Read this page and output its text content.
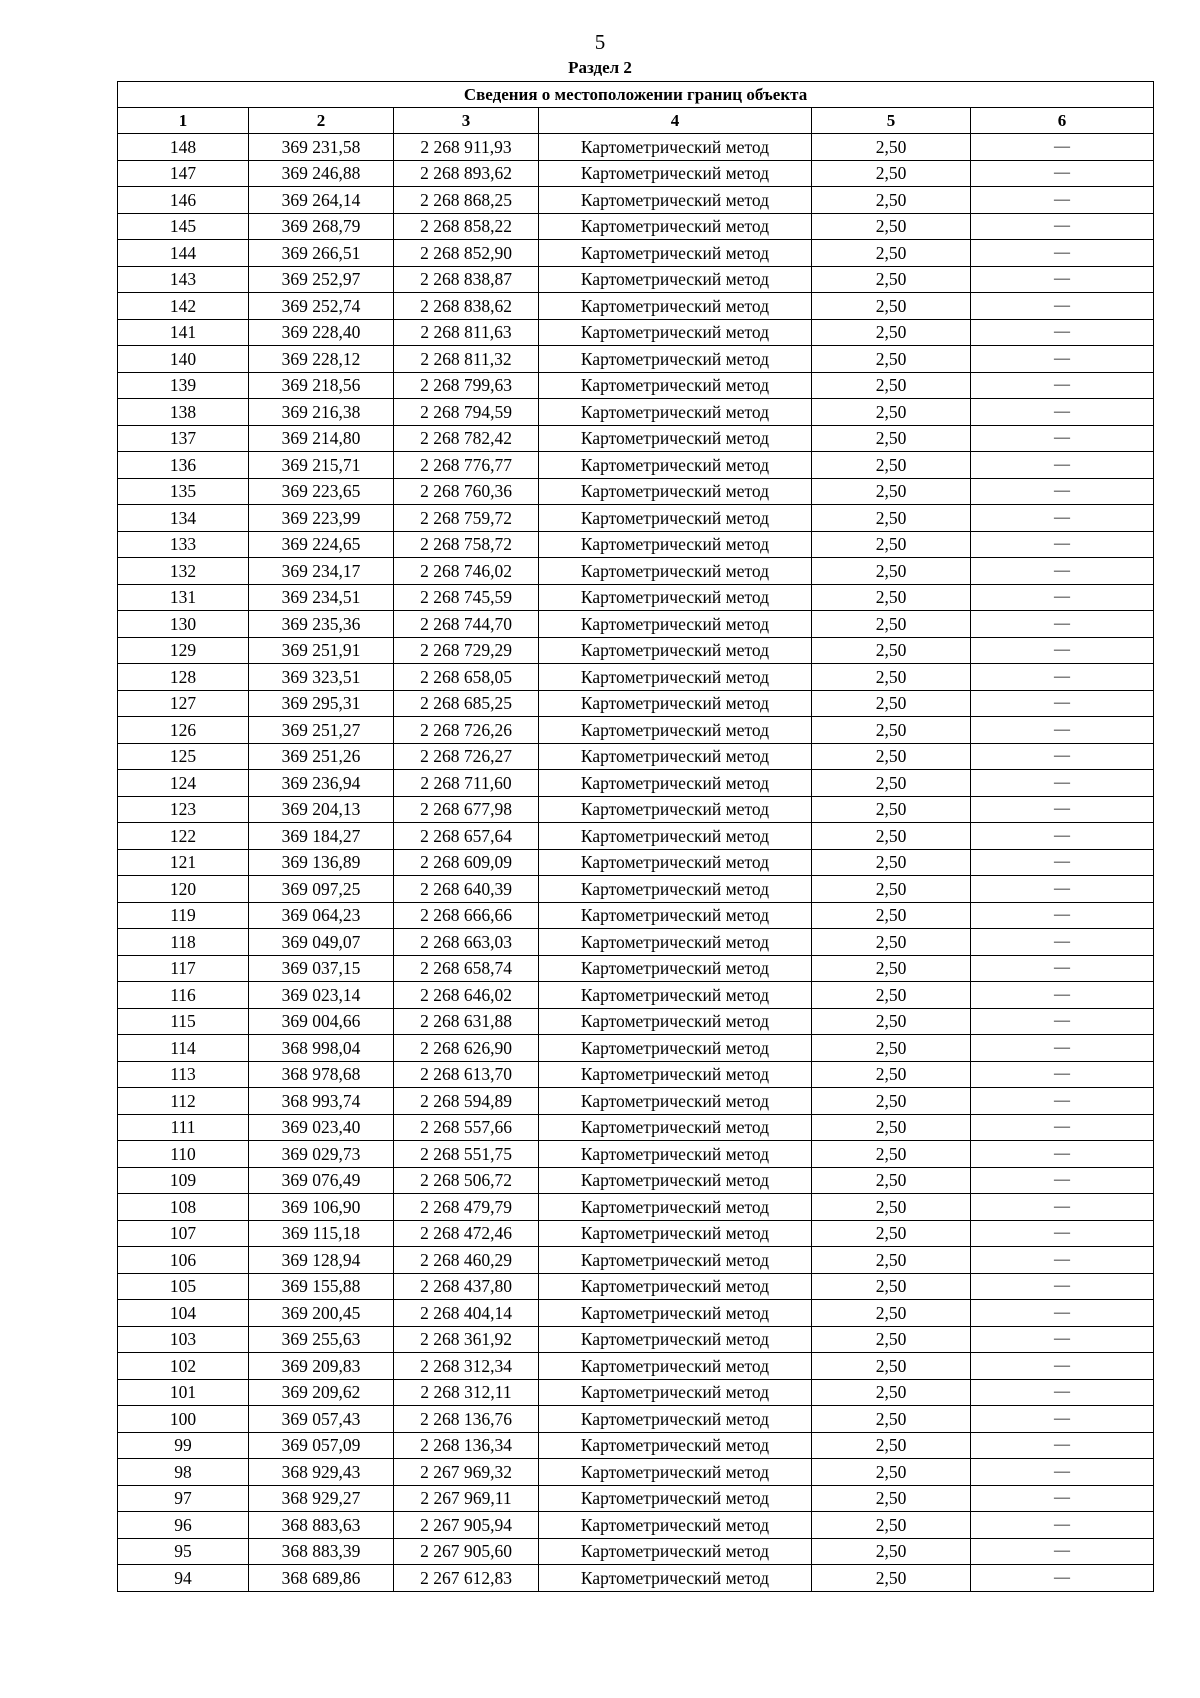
5
Раздел 2
Сведения о местоположении границ объекта					
1	2	3	4	5	6
148	369 231,58	2 268 911,93	Картометрический метод	2,50	—
147	369 246,88	2 268 893,62	Картометрический метод	2,50	—
146	369 264,14	2 268 868,25	Картометрический метод	2,50	—
145	369 268,79	2 268 858,22	Картометрический метод	2,50	—
144	369 266,51	2 268 852,90	Картометрический метод	2,50	—
143	369 252,97	2 268 838,87	Картометрический метод	2,50	—
142	369 252,74	2 268 838,62	Картометрический метод	2,50	—
141	369 228,40	2 268 811,63	Картометрический метод	2,50	—
140	369 228,12	2 268 811,32	Картометрический метод	2,50	—
139	369 218,56	2 268 799,63	Картометрический метод	2,50	—
138	369 216,38	2 268 794,59	Картометрический метод	2,50	—
137	369 214,80	2 268 782,42	Картометрический метод	2,50	—
136	369 215,71	2 268 776,77	Картометрический метод	2,50	—
135	369 223,65	2 268 760,36	Картометрический метод	2,50	—
134	369 223,99	2 268 759,72	Картометрический метод	2,50	—
133	369 224,65	2 268 758,72	Картометрический метод	2,50	—
132	369 234,17	2 268 746,02	Картометрический метод	2,50	—
131	369 234,51	2 268 745,59	Картометрический метод	2,50	—
130	369 235,36	2 268 744,70	Картометрический метод	2,50	—
129	369 251,91	2 268 729,29	Картометрический метод	2,50	—
128	369 323,51	2 268 658,05	Картометрический метод	2,50	—
127	369 295,31	2 268 685,25	Картометрический метод	2,50	—
126	369 251,27	2 268 726,26	Картометрический метод	2,50	—
125	369 251,26	2 268 726,27	Картометрический метод	2,50	—
124	369 236,94	2 268 711,60	Картометрический метод	2,50	—
123	369 204,13	2 268 677,98	Картометрический метод	2,50	—
122	369 184,27	2 268 657,64	Картометрический метод	2,50	—
121	369 136,89	2 268 609,09	Картометрический метод	2,50	—
120	369 097,25	2 268 640,39	Картометрический метод	2,50	—
119	369 064,23	2 268 666,66	Картометрический метод	2,50	—
118	369 049,07	2 268 663,03	Картометрический метод	2,50	—
117	369 037,15	2 268 658,74	Картометрический метод	2,50	—
116	369 023,14	2 268 646,02	Картометрический метод	2,50	—
115	369 004,66	2 268 631,88	Картометрический метод	2,50	—
114	368 998,04	2 268 626,90	Картометрический метод	2,50	—
113	368 978,68	2 268 613,70	Картометрический метод	2,50	—
112	368 993,74	2 268 594,89	Картометрический метод	2,50	—
111	369 023,40	2 268 557,66	Картометрический метод	2,50	—
110	369 029,73	2 268 551,75	Картометрический метод	2,50	—
109	369 076,49	2 268 506,72	Картометрический метод	2,50	—
108	369 106,90	2 268 479,79	Картометрический метод	2,50	—
107	369 115,18	2 268 472,46	Картометрический метод	2,50	—
106	369 128,94	2 268 460,29	Картометрический метод	2,50	—
105	369 155,88	2 268 437,80	Картометрический метод	2,50	—
104	369 200,45	2 268 404,14	Картометрический метод	2,50	—
103	369 255,63	2 268 361,92	Картометрический метод	2,50	—
102	369 209,83	2 268 312,34	Картометрический метод	2,50	—
101	369 209,62	2 268 312,11	Картометрический метод	2,50	—
100	369 057,43	2 268 136,76	Картометрический метод	2,50	—
99	369 057,09	2 268 136,34	Картометрический метод	2,50	—
98	368 929,43	2 267 969,32	Картометрический метод	2,50	—
97	368 929,27	2 267 969,11	Картометрический метод	2,50	—
96	368 883,63	2 267 905,94	Картометрический метод	2,50	—
95	368 883,39	2 267 905,60	Картометрический метод	2,50	—
94	368 689,86	2 267 612,83	Картометрический метод	2,50	—
